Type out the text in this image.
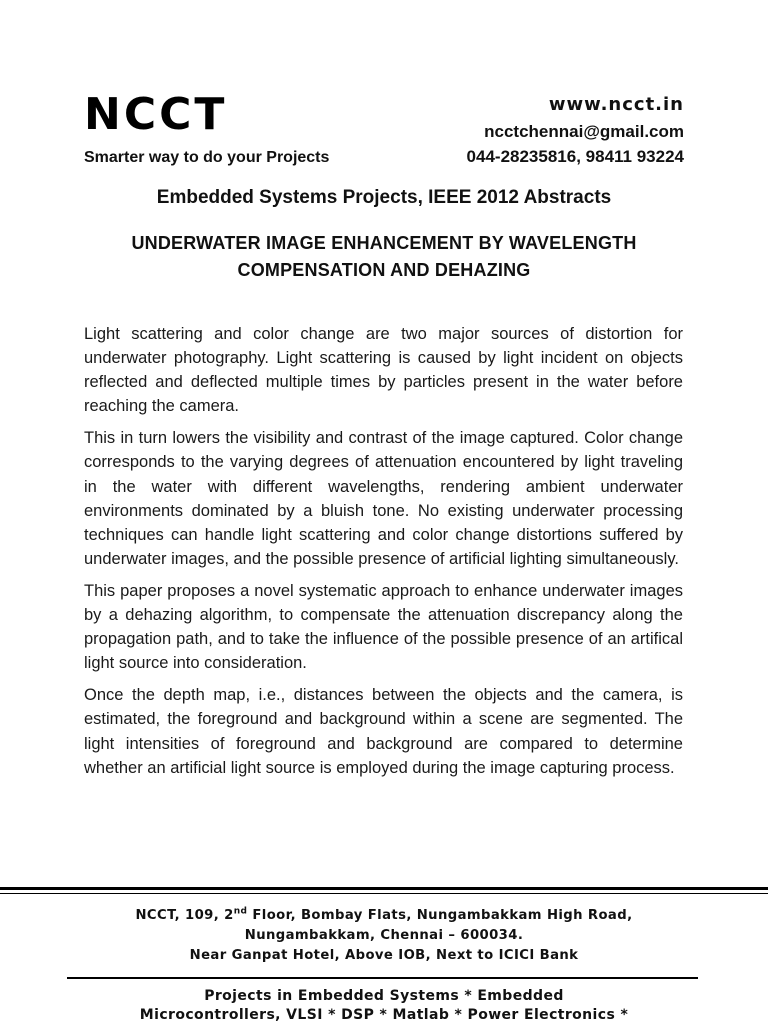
NCCT
Smarter way to do your Projects
www.ncct.in
ncctchennai@gmail.com
044-28235816, 98411 93224
Embedded Systems Projects, IEEE 2012 Abstracts
UNDERWATER IMAGE ENHANCEMENT BY WAVELENGTH
COMPENSATION AND DEHAZING

Light scattering and color change are two major sources of distortion for underwater photography. Light scattering is caused by light incident on objects reflected and deflected multiple times by particles present in the water before reaching the camera.

This in turn lowers the visibility and contrast of the image captured. Color change corresponds to the varying degrees of attenuation encountered by light traveling in the water with different wavelengths, rendering ambient underwater environments dominated by a bluish tone. No existing underwater processing techniques can handle light scattering and color change distortions suffered by underwater images, and the possible presence of artificial lighting simultaneously.

This paper proposes a novel systematic approach to enhance underwater images by a dehazing algorithm, to compensate the attenuation discrepancy along the propagation path, and to take the influence of the possible presence of an artifical light source into consideration.

Once the depth map, i.e., distances between the objects and the camera, is estimated, the foreground and background within a scene are segmented. The light intensities of foreground and background are compared to determine whether an artificial light source is employed during the image capturing process.

NCCT, 109, 2nd Floor, Bombay Flats, Nungambakkam High Road,
Nungambakkam, Chennai – 600034.
Near Ganpat Hotel, Above IOB, Next to ICICI Bank
Projects in Embedded Systems * Embedded
Microcontrollers, VLSI * DSP * Matlab * Power Electronics *
